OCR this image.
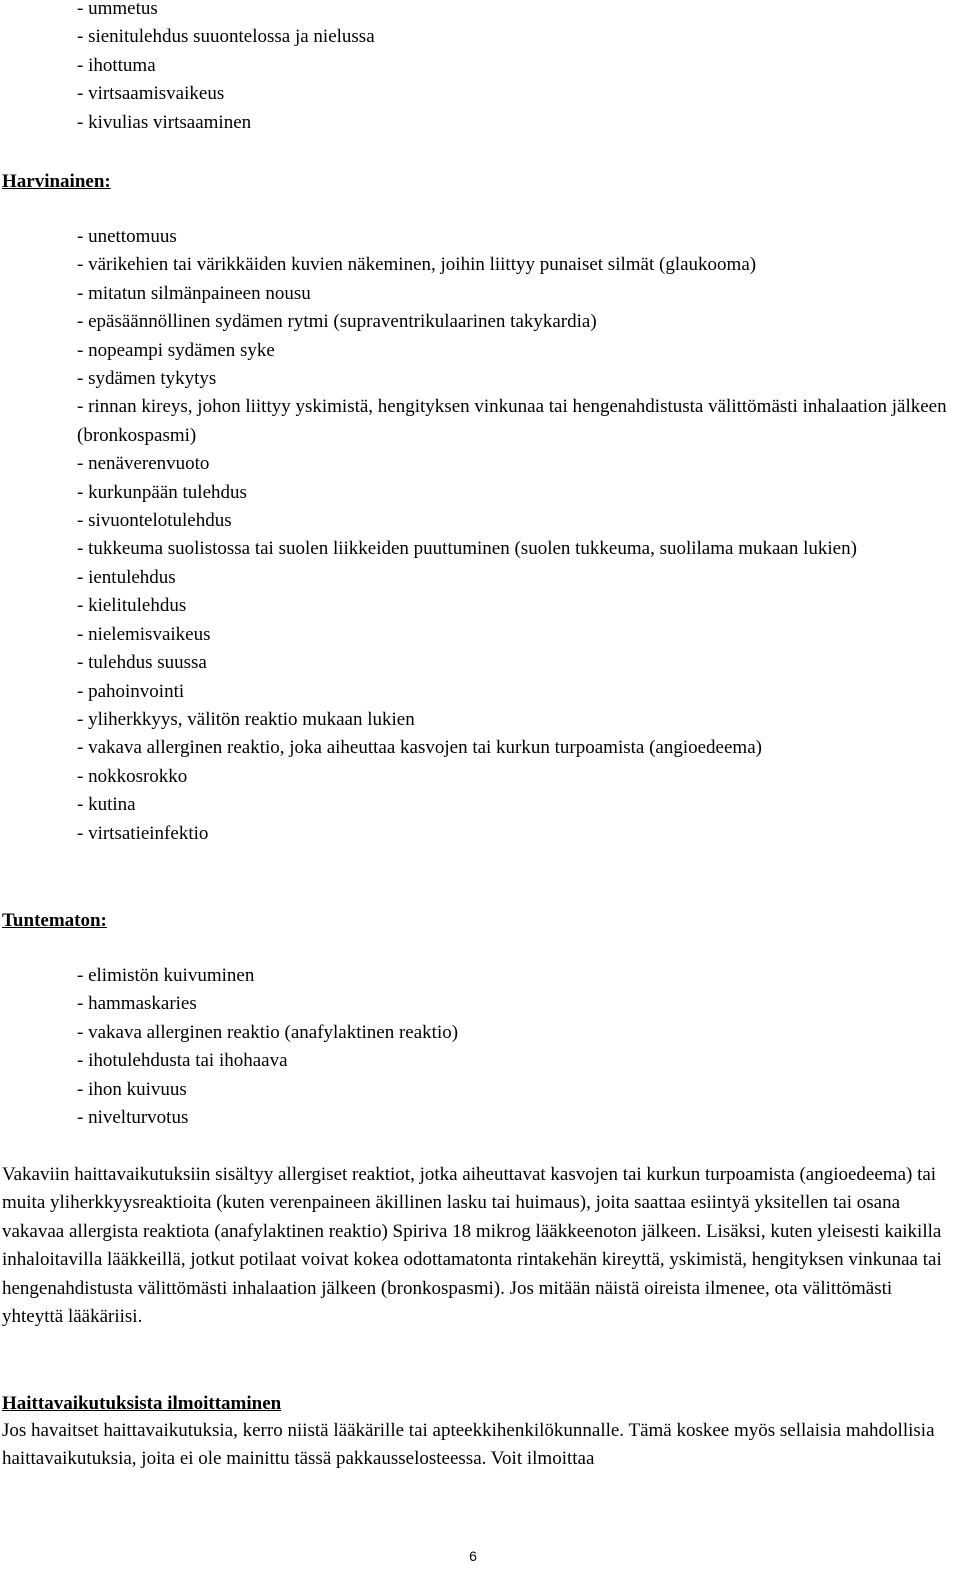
- ummetus
- sienitulehdus suuontelossa ja nielussa
- ihottuma
- virtsaamisvaikeus
- kivulias virtsaaminen
Harvinainen:
- unettomuus
- värikehien tai värikkäiden kuvien näkeminen, joihin liittyy punaiset silmät (glaukooma)
- mitatun silmänpaineen nousu
- epäsäännöllinen sydämen rytmi (supraventrikulaarinen takykardia)
- nopeampi sydämen syke
- sydämen tykytys
- rinnan kireys, johon liittyy yskimistä, hengityksen vinkunaa tai hengenahdistusta välittömästi inhalaation jälkeen (bronkospasmi)
- nenäverenvuoto
- kurkunpään tulehdus
- sivuontelotulehdus
- tukkeuma suolistossa tai suolen liikkeiden puuttuminen (suolen tukkeuma, suolilama mukaan lukien)
- ientulehdus
- kielitulehdus
- nielemisvaikeus
- tulehdus suussa
- pahoinvointi
- yliherkkyys, välitön reaktio mukaan lukien
- vakava allerginen reaktio, joka aiheuttaa kasvojen tai kurkun turpoamista (angioedeema)
- nokkosrokko
- kutina
- virtsatieinfektio
Tuntematon:
- elimistön kuivuminen
- hammaskaries
- vakava allerginen reaktio (anafylaktinen reaktio)
- ihotulehdusta tai ihohaava
- ihon kuivuus
- nivelturvotus

Vakaviin haittavaikutuksiin sisältyy allergiset reaktiot, jotka aiheuttavat kasvojen tai kurkun turpoamista (angioedeema) tai muita yliherkkyysreaktioita (kuten verenpaineen äkillinen lasku tai huimaus), joita saattaa esiintyä yksitellen tai osana vakavaa allergista reaktiota (anafylaktinen reaktio) Spiriva 18 mikrog lääkkeenoton jälkeen. Lisäksi, kuten yleisesti kaikilla inhaloitavilla lääkkeillä, jotkut potilaat voivat kokea odottamatonta rintakehän kireyttä, yskimistä, hengityksen vinkunaa tai hengenahdistusta välittömästi inhalaation jälkeen (bronkospasmi). Jos mitään näistä oireista ilmenee, ota välittömästi yhteyttä lääkäriisi.

Haittavaikutuksista ilmoittaminen

Jos havaitset haittavaikutuksia, kerro niistä lääkärille tai apteekkihenkilökunnalle. Tämä koskee myös sellaisia mahdollisia haittavaikutuksia, joita ei ole mainittu tässä pakkausselosteessa. Voit ilmoittaa

6
